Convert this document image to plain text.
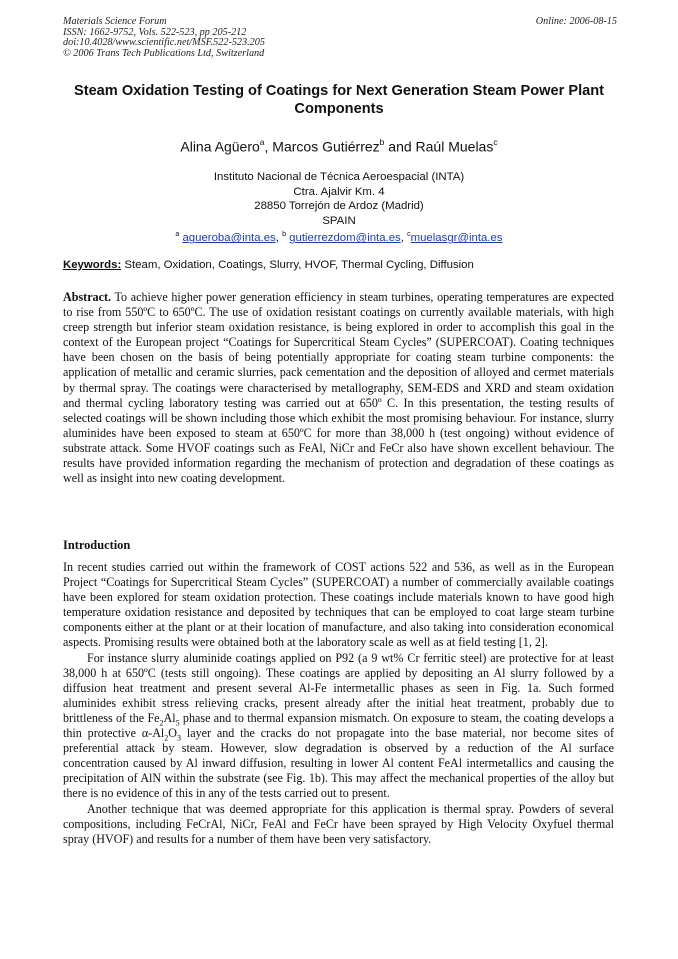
Materials Science Forum
ISSN: 1662-9752, Vols. 522-523, pp 205-212
doi:10.4028/www.scientific.net/MSF.522-523.205
© 2006 Trans Tech Publications Ltd, Switzerland
Online: 2006-08-15
Steam Oxidation Testing of Coatings for Next Generation Steam Power Plant Components
Alina Agüero$^a$, Marcos Gutiérrez$^b$ and Raúl Muelas$^c$
Instituto Nacional de Técnica Aeroespacial (INTA)
Ctra. Ajalvir Km. 4
28850 Torrejón de Ardoz (Madrid)
SPAIN
$^a$ agueroba@inta.es, $^b$ gutierrezdom@inta.es, $^c$muelasgr@inta.es
Keywords: Steam, Oxidation, Coatings, Slurry, HVOF, Thermal Cycling, Diffusion
Abstract. To achieve higher power generation efficiency in steam turbines, operating temperatures are expected to rise from 550ºC to 650ºC. The use of oxidation resistant coatings on currently available materials, with high creep strength but inferior steam oxidation resistance, is being explored in order to accomplish this goal in the context of the European project “Coatings for Supercritical Steam Cycles” (SUPERCOAT). Coating techniques have been chosen on the basis of being potentially appropriate for coating steam turbine components: the application of metallic and ceramic slurries, pack cementation and the deposition of alloyed and cermet materials by thermal spray. The coatings were characterised by metallography, SEM-EDS and XRD and steam oxidation and thermal cycling laboratory testing was carried out at 650º C. In this presentation, the testing results of selected coatings will be shown including those which exhibit the most promising behaviour. For instance, slurry aluminides have been exposed to steam at 650ºC for more than 38,000 h (test ongoing) without evidence of substrate attack. Some HVOF coatings such as FeAl, NiCr and FeCr also have shown excellent behaviour. The results have provided information regarding the mechanism of protection and degradation of these coatings as well as insight into new coating development.
Introduction

In recent studies carried out within the framework of COST actions 522 and 536, as well as in the European Project “Coatings for Supercritical Steam Cycles” (SUPERCOAT) a number of commercially available coatings have been explored for steam oxidation protection. These coatings include materials known to have good high temperature oxidation resistance and deposited by techniques that can be employed to coat large steam turbine components either at the plant or at their location of manufacture, and also taking into consideration economical aspects. Promising results were obtained both at the laboratory scale as well as at field testing [1, 2].

For instance slurry aluminide coatings applied on P92 (a 9 wt% Cr ferritic steel) are protective for at least 38,000 h at 650ºC (tests still ongoing). These coatings are applied by depositing an Al slurry followed by a diffusion heat treatment and present several Al-Fe intermetallic phases as seen in Fig. 1a. Such formed aluminides exhibit stress relieving cracks, present already after the initial heat treatment, probably due to brittleness of the $Fe_2Al_5$ phase and to thermal expansion mismatch. On exposure to steam, the coating develops a thin protective $\alpha-Al_2O_3$ layer and the cracks do not propagate into the base material, nor become sites of preferential attack by steam. However, slow degradation is observed by a reduction of the Al surface concentration caused by Al inward diffusion, resulting in lower Al content FeAl intermetallics and causing the precipitation of AlN within the substrate (see Fig. 1b). This may affect the mechanical properties of the alloy but there is no evidence of this in any of the tests carried out to present.

Another technique that was deemed appropriate for this application is thermal spray. Powders of several compositions, including FeCrAl, NiCr, FeAl and FeCr have been sprayed by High Velocity Oxyfuel thermal spray (HVOF) and results for a number of them have been very satisfactory.
